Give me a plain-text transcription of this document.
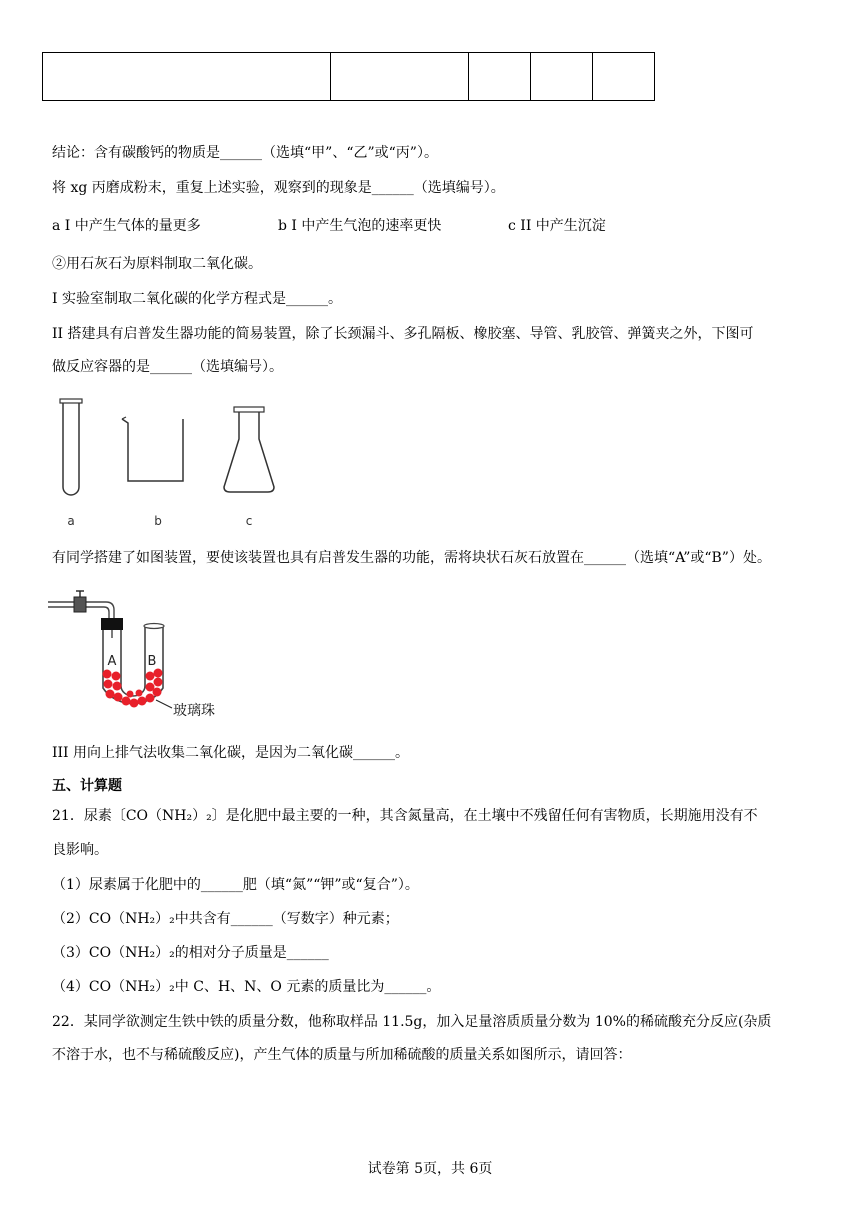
结论：含有碳酸钙的物质是______（选填“甲”、“乙”或“丙”）。
将 xg 丙磨成粉末，重复上述实验，观察到的现象是______（选填编号）。
a I 中产生气体的量更多	b I 中产生气泡的速率更快	c II 中产生沉淀
②用石灰石为原料制取二氧化碳。
I 实验室制取二氧化碳的化学方程式是______。
II 搭建具有启普发生器功能的简易装置，除了长颈漏斗、多孔隔板、橡胶塞、导管、乳胶管、弹簧夹之外，下图可
做反应容器的是______（选填编号）。
a	b	c
有同学搭建了如图装置，要使该装置也具有启普发生器的功能，需将块状石灰石放置在______（选填“A”或“B”）处。
A B
玻璃珠
III 用向上排气法收集二氧化碳，是因为二氧化碳______。
五、计算题
21．尿素〔CO（NH₂）₂〕是化肥中最主要的一种，其含氮量高，在土壤中不残留任何有害物质，长期施用没有不
良影响。
（1）尿素属于化肥中的______肥（填“氮”“钾”或“复合”）。
（2）CO（NH₂）₂中共含有______（写数字）种元素；
（3）CO（NH₂）₂的相对分子质量是______
（4）CO（NH₂）₂中 C、H、N、O 元素的质量比为______。
22．某同学欲测定生铁中铁的质量分数，他称取样品 11.5g，加入足量溶质质量分数为 10%的稀硫酸充分反应(杂质
不溶于水，也不与稀硫酸反应)，产生气体的质量与所加稀硫酸的质量关系如图所示，请回答：
试卷第 5页，共 6页
